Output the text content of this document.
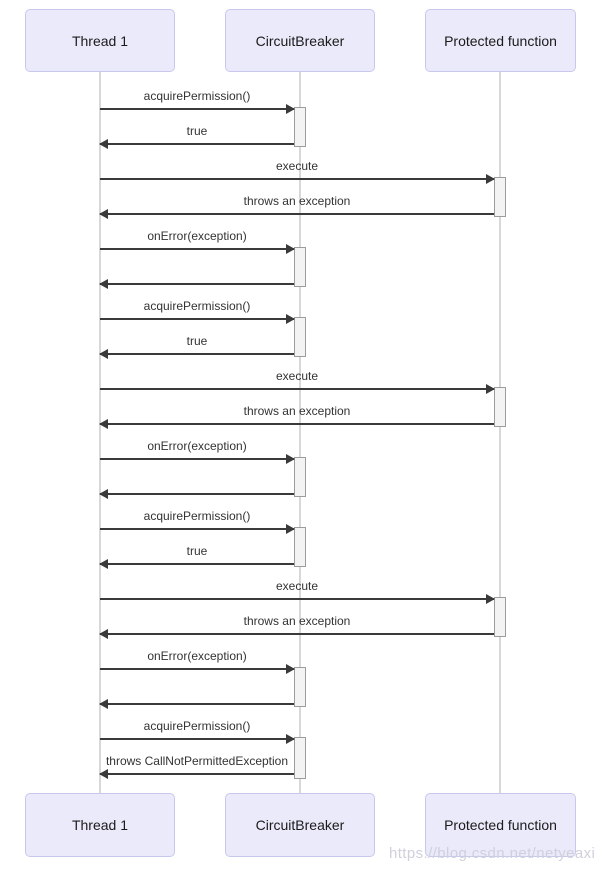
Thread 1	CircuitBreaker	Protected function
Thread 1	CircuitBreaker	Protected function
acquirePermission()
true
execute
throws an exception
onError(exception)
acquirePermission()
true
execute
throws an exception
onError(exception)
acquirePermission()
true
execute
throws an exception
onError(exception)
acquirePermission()
throws CallNotPermittedException
https://blog.csdn.net/netyeaxi
